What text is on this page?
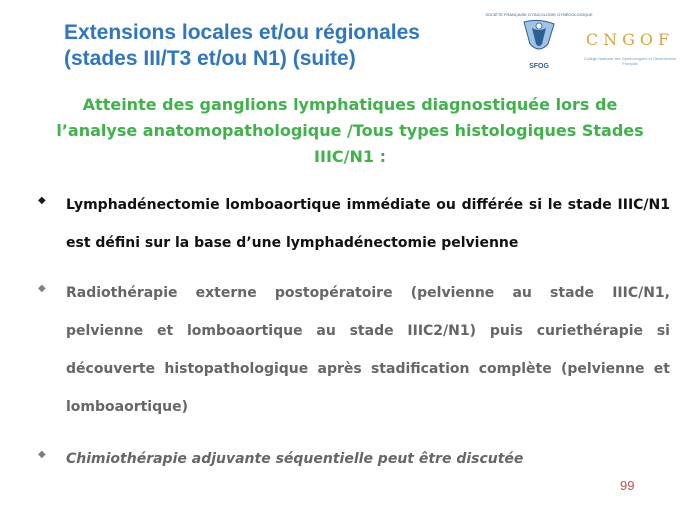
Extensions locales et/ou régionales
(stades III/T3 et/ou N1) (suite)
SOCIÉTÉ FRANÇAISE D'ONCOLOGIE GYNÉCOLOGIQUE
SFOG
CNGOF
Collège National des Gynécologues et Obstétriciens Français
Atteinte des ganglions lymphatiques diagnostiquée lors de
l’analyse anatomopathologique /Tous types histologiques Stades
IIIC/N1 :
◆ Lymphadénectomie lomboaortique immédiate ou différée si le stade IIIC/N1 est défini sur la base d’une lymphadénectomie pelvienne
◆ Radiothérapie externe postopératoire (pelvienne au stade IIIC/N1, pelvienne et lomboaortique au stade IIIC2/N1) puis curiethérapie si découverte histopathologique après stadification complète (pelvienne et lomboaortique)
◆ Chimiothérapie adjuvante séquentielle peut être discutée
99
